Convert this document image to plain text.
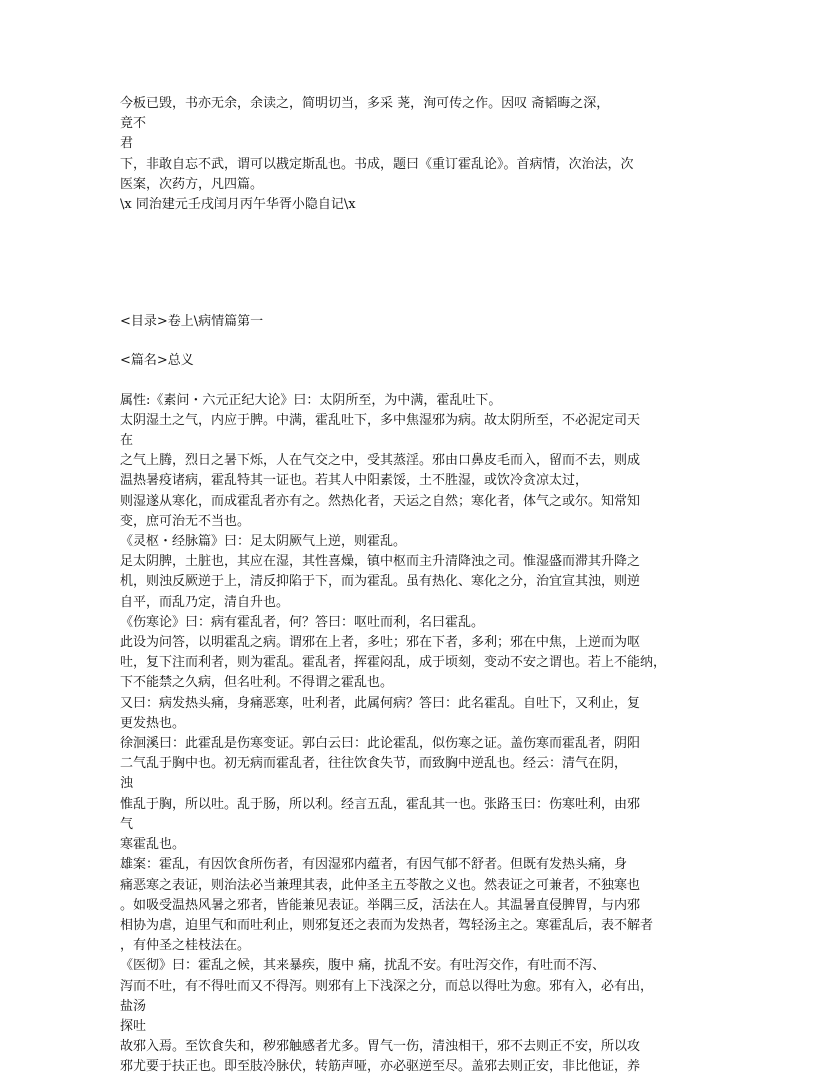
今板已毁，书亦无余，余读之，简明切当，多采 荛，洵可传之作。因叹 斋韬晦之深，
竟不
君
下，非敢自忘不武，谓可以戡定斯乱也。书成，题曰《重订霍乱论》。首病情，次治法，次
医案，次药方，凡四篇。
\x 同治建元壬戌闰月丙午华胥小隐自记\x
<目录>卷上\病情篇第一
<篇名>总义
属性:《素问・六元正纪大论》曰：太阴所至，为中满，霍乱吐下。
太阴湿土之气，内应于脾。中满，霍乱吐下，多中焦湿邪为病。故太阴所至，不必泥定司天
在
之气上腾，烈日之暑下烁，人在气交之中，受其蒸淫。邪由口鼻皮毛而入，留而不去，则成
温热暑疫诸病，霍乱特其一证也。若其人中阳素馁，土不胜湿，或饮冷贪凉太过，
则湿遂从寒化，而成霍乱者亦有之。然热化者，天运之自然；寒化者，体气之或尔。知常知
变，庶可治无不当也。
《灵枢・经脉篇》曰：足太阴厥气上逆，则霍乱。
足太阴脾，土脏也，其应在湿，其性喜燥，镇中枢而主升清降浊之司。惟湿盛而滞其升降之
机，则浊反厥逆于上，清反抑陷于下，而为霍乱。虽有热化、寒化之分，治宜宣其浊，则逆
自平，而乱乃定，清自升也。
《伤寒论》曰：病有霍乱者，何？答曰：呕吐而利，名曰霍乱。
此设为问答，以明霍乱之病。谓邪在上者，多吐；邪在下者，多利；邪在中焦，上逆而为呕
吐，复下注而利者，则为霍乱。霍乱者，挥霍闷乱，成于顷刻，变动不安之谓也。若上不能纳，
下不能禁之久病，但名吐利。不得谓之霍乱也。
又曰：病发热头痛，身痛恶寒，吐利者，此属何病？答曰：此名霍乱。自吐下，又利止，复
更发热也。
徐洄溪曰：此霍乱是伤寒变证。郭白云曰：此论霍乱，似伤寒之证。盖伤寒而霍乱者，阴阳
二气乱于胸中也。初无病而霍乱者，往往饮食失节，而致胸中逆乱也。经云：清气在阴，
浊
惟乱于胸，所以吐。乱于肠，所以利。经言五乱，霍乱其一也。张路玉曰：伤寒吐利，由邪
气
寒霍乱也。
雄案：霍乱，有因饮食所伤者，有因湿邪内蕴者，有因气郁不舒者。但既有发热头痛，身
痛恶寒之表证，则治法必当兼理其表，此仲圣主五苓散之义也。然表证之可兼者，不独寒也
。如吸受温热风暑之邪者，皆能兼见表证。举隅三反，活法在人。其温暑直侵脾胃，与内邪
相协为虐，迫里气和而吐利止，则邪复还之表而为发热者，驾轻汤主之。寒霍乱后，表不解者
，有仲圣之桂枝法在。
《医彻》曰：霍乱之候，其来暴疾，腹中 痛，扰乱不安。有吐泻交作，有吐而不泻、
泻而不吐，有不得吐而又不得泻。则邪有上下浅深之分，而总以得吐为愈。邪有入，必有出，
盐汤
探吐
故邪入焉。至饮食失和，秽邪触感者尤多。胃气一伤，清浊相干，邪不去则正不安，所以攻
邪尤要于扶正也。即至肢冷脉伏，转筋声哑，亦必驱逆至尽。盖邪去则正安，非比他证，养
